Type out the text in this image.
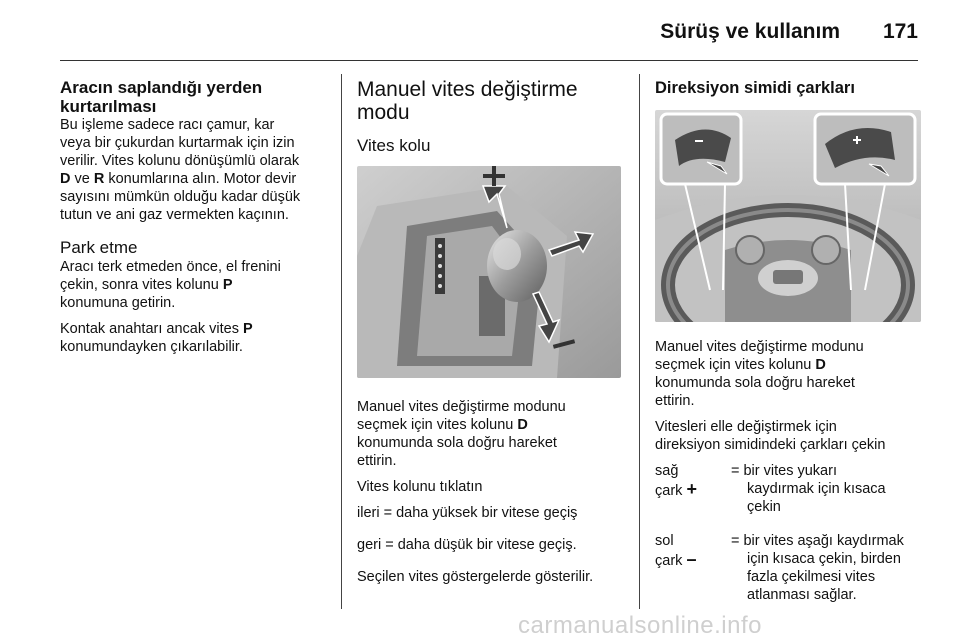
Sürüş ve kullanım 171
Aracın saplandığı yerden
kurtarılması
Bu işleme sadece racı çamur, kar
veya bir çukurdan kurtarmak için izin
verilir. Vites kolunu dönüşümlü olarak
D ve R konumlarına alın. Motor devir
sayısını mümkün olduğu kadar düşük
tutun ve ani gaz vermekten kaçının.
Park etme
Aracı terk etmeden önce, el frenini
çekin, sonra vites kolunu P
konumuna getirin.
Kontak anahtarı ancak vites P
konumundayken çıkarılabilir.
Manuel vites değiştirme
modu
Vites kolu
Manuel vites değiştirme modunu
seçmek için vites kolunu D
konumunda sola doğru hareket
ettirin.
Vites kolunu tıklatın
ileri = daha yüksek bir vitese geçiş
geri = daha düşük bir vitese geçiş.
Seçilen vites göstergelerde gösterilir.
Direksiyon simidi çarkları
Manuel vites değiştirme modunu
seçmek için vites kolunu D
konumunda sola doğru hareket
ettirin.
Vitesleri elle değiştirmek için
direksiyon simidindeki çarkları çekin
sağ
çark +
= bir vites yukarı
kaydırmak için kısaca
çekin
sol
çark –
= bir vites aşağı kaydırmak
için kısaca çekin, birden
fazla çekilmesi vites
atlanması sağlar.
carmanualsonline.info
